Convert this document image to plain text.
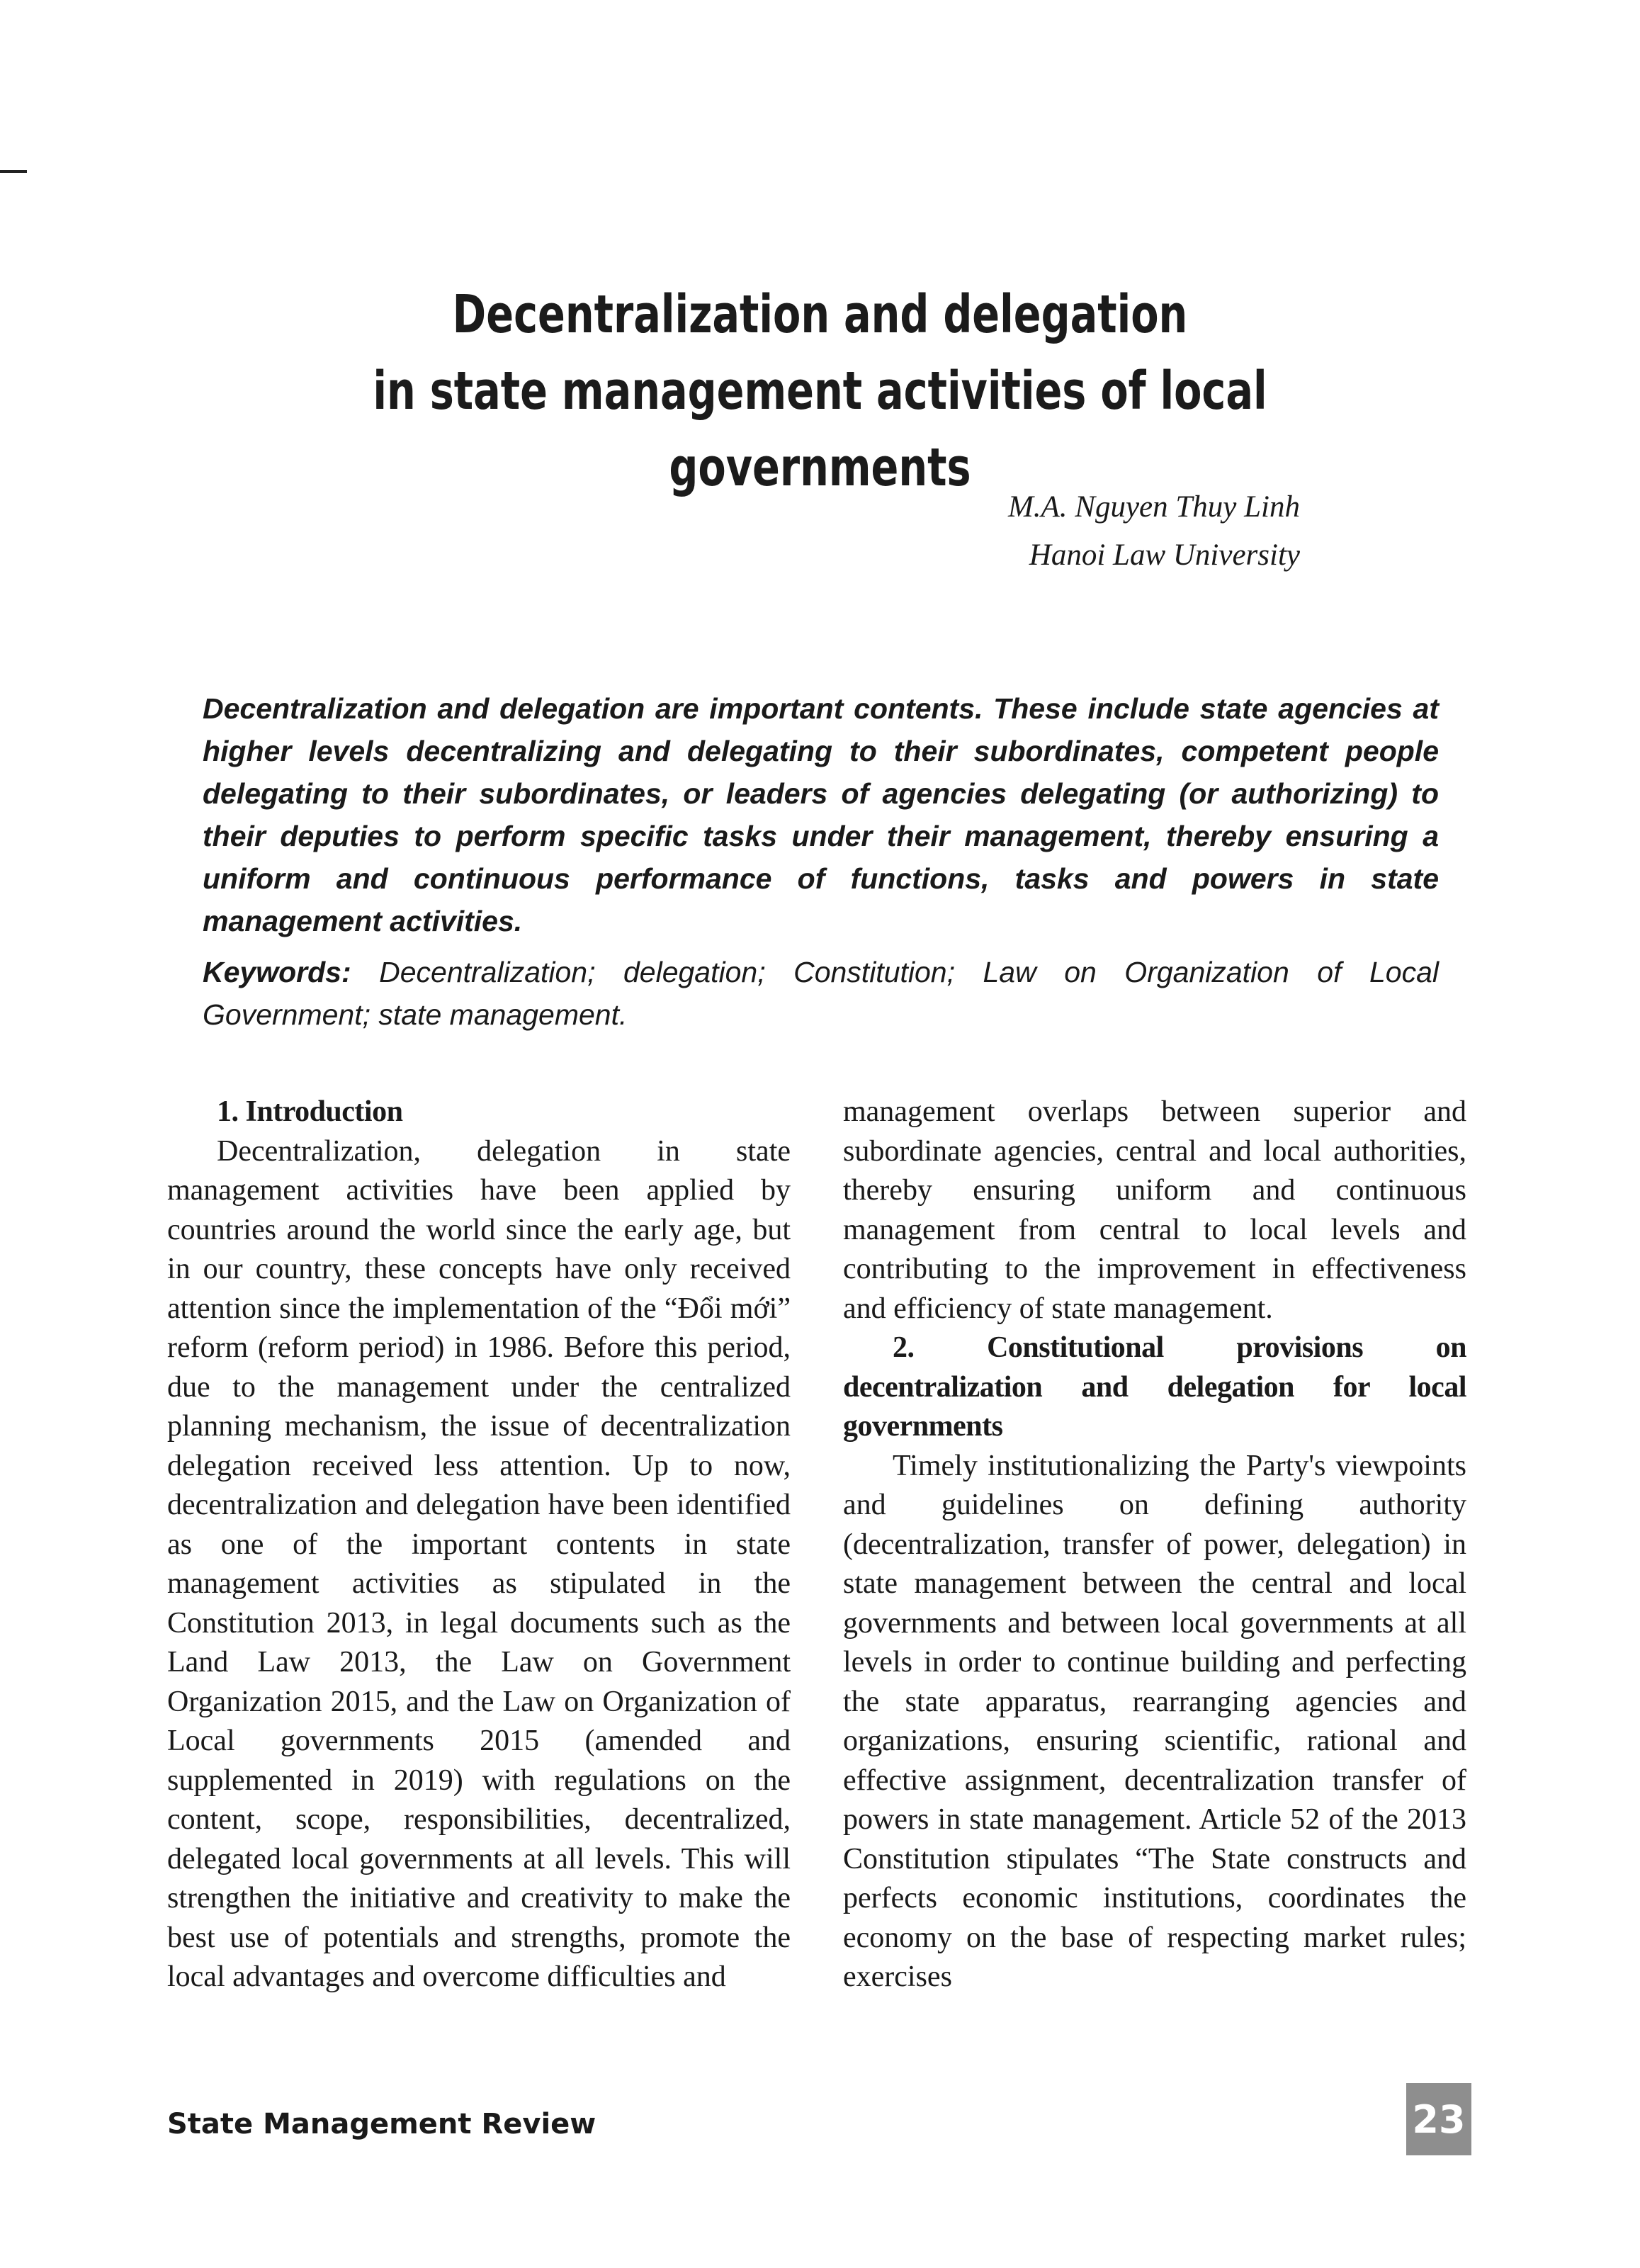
Decentralization and delegation
in state management activities of local governments
M.A. Nguyen Thuy Linh
Hanoi Law University

Decentralization and delegation are important contents. These include state agencies at higher levels decentralizing and delegating to their subordinates, competent people delegating to their subordinates, or leaders of agencies delegating (or authorizing) to their deputies to perform specific tasks under their management, thereby ensuring a uniform and continuous performance of functions, tasks and powers in state management activities.

Keywords: Decentralization; delegation; Constitution; Law on Organization of Local Government; state management.

1. Introduction

Decentralization, delegation in state management activities have been applied by countries around the world since the early age, but in our country, these concepts have only received attention since the implementation of the “Đổi mới” reform (reform period) in 1986. Before this period, due to the management under the centralized planning mechanism, the issue of decentralization delegation received less attention. Up to now, decentralization and delegation have been identified as one of the important contents in state management activities as stipulated in the Constitution 2013, in legal documents such as the Land Law 2013, the Law on Government Organization 2015, and the Law on Organization of Local governments 2015 (amended and supplemented in 2019) with regulations on the content, scope, responsibilities, decentralized, delegated local governments at all levels. This will strengthen the initiative and creativity to make the best use of potentials and strengths, promote the local advantages and overcome difficulties and

management overlaps between superior and subordinate agencies, central and local authorities, thereby ensuring uniform and continuous management from central to local levels and contributing to the improvement in effectiveness and efficiency of state management.

2. Constitutional provisions on decentralization and delegation for local governments

Timely institutionalizing the Party's viewpoints and guidelines on defining authority (decentralization, transfer of power, delegation) in state management between the central and local governments and between local governments at all levels in order to continue building and perfecting the state apparatus, rearranging agencies and organizations, ensuring scientific, rational and effective assignment, decentralization transfer of powers in state management. Article 52 of the 2013 Constitution stipulates “The State constructs and perfects economic institutions, coordinates the economy on the base of respecting market rules; exercises

State Management Review	23
